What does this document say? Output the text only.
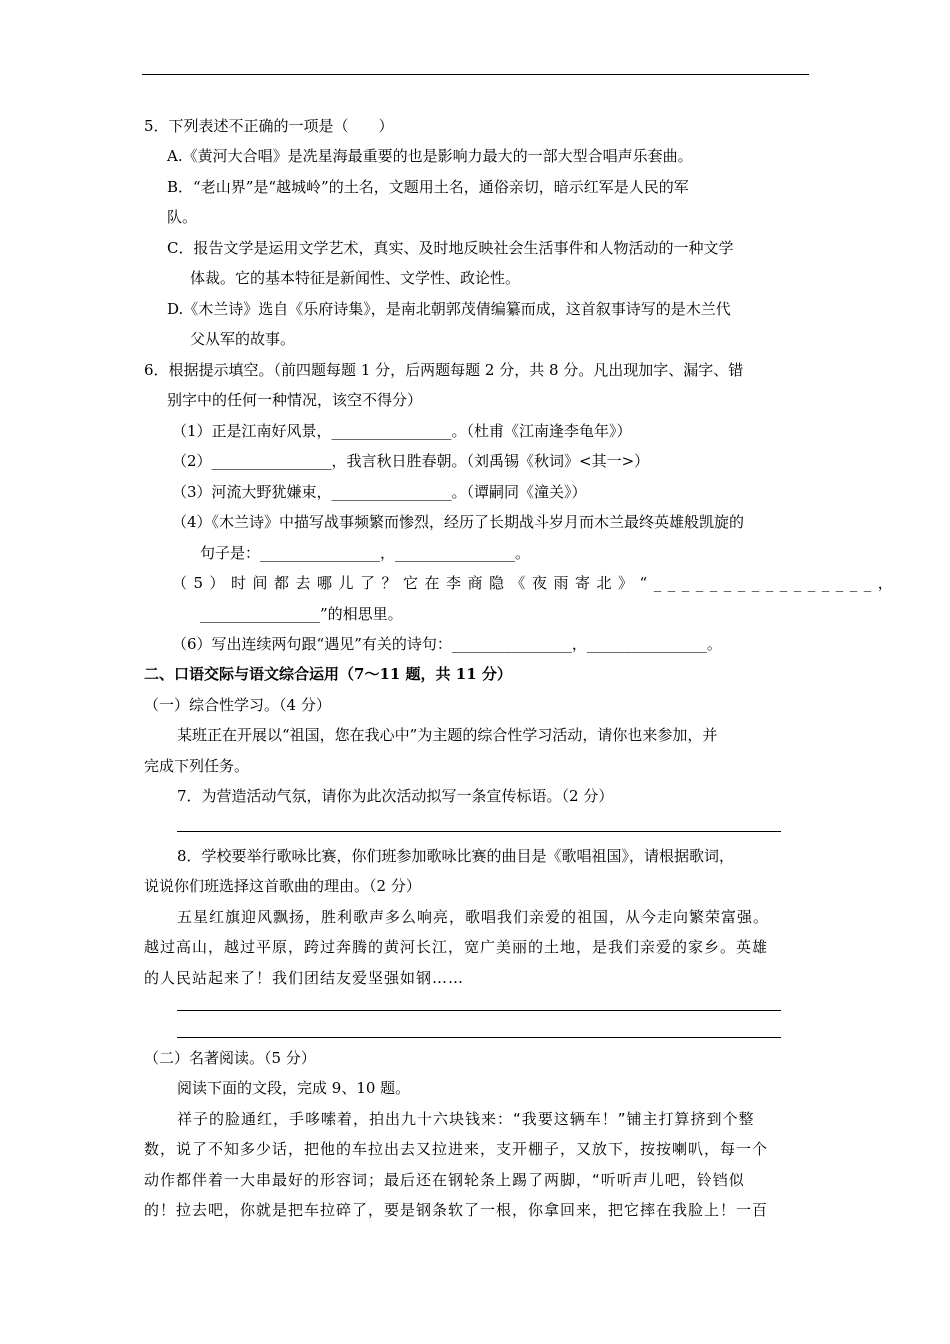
5．下列表述不正确的一项是（　　）
A.《黄河大合唱》是冼星海最重要的也是影响力最大的一部大型合唱声乐套曲。
B．“老山界”是“越城岭”的土名，文题用土名，通俗亲切，暗示红军是人民的军
队。
C．报告文学是运用文学艺术，真实、及时地反映社会生活事件和人物活动的一种文学
体裁。它的基本特征是新闻性、文学性、政论性。
D.《木兰诗》选自《乐府诗集》，是南北朝郭茂倩编纂而成，这首叙事诗写的是木兰代
父从军的故事。
6．根据提示填空。（前四题每题 1 分，后两题每题 2 分，共 8 分。凡出现加字、漏字、错
别字中的任何一种情况，该空不得分）
（1）正是江南好风景，________________。（杜甫《江南逢李龟年》）
（2）________________，我言秋日胜春朝。（刘禹锡《秋词》<其一>）
（3）河流大野犹嫌束，________________。（谭嗣同《潼关》）
（4）《木兰诗》中描写战事频繁而惨烈，经历了长期战斗岁月而木兰最终英雄般凯旋的
句子是：________________，________________。
（5）时间都去哪儿了？它在李商隐《夜雨寄北》“________________，
________________”的相思里。
（6）写出连续两句跟“遇见”有关的诗句：________________，________________。
二、口语交际与语文综合运用（7～11 题，共 11 分）
（一）综合性学习。（4 分）
某班正在开展以“祖国，您在我心中”为主题的综合性学习活动，请你也来参加，并
完成下列任务。
7．为营造活动气氛，请你为此次活动拟写一条宣传标语。（2 分）
8．学校要举行歌咏比赛，你们班参加歌咏比赛的曲目是《歌唱祖国》，请根据歌词，
说说你们班选择这首歌曲的理由。（2 分）
五星红旗迎风飘扬，胜利歌声多么响亮，歌唱我们亲爱的祖国，从今走向繁荣富强。
越过高山，越过平原，跨过奔腾的黄河长江，宽广美丽的土地，是我们亲爱的家乡。英雄
的人民站起来了！我们团结友爱坚强如钢……
（二）名著阅读。（5 分）
阅读下面的文段，完成 9、10 题。
祥子的脸通红，手哆嗦着，拍出九十六块钱来：“我要这辆车！”铺主打算挤到个整
数，说了不知多少话，把他的车拉出去又拉进来，支开棚子，又放下，按按喇叭，每一个
动作都伴着一大串最好的形容词；最后还在钢轮条上踢了两脚，“听听声儿吧，铃铛似
的！拉去吧，你就是把车拉碎了，要是钢条软了一根，你拿回来，把它摔在我脸上！一百
